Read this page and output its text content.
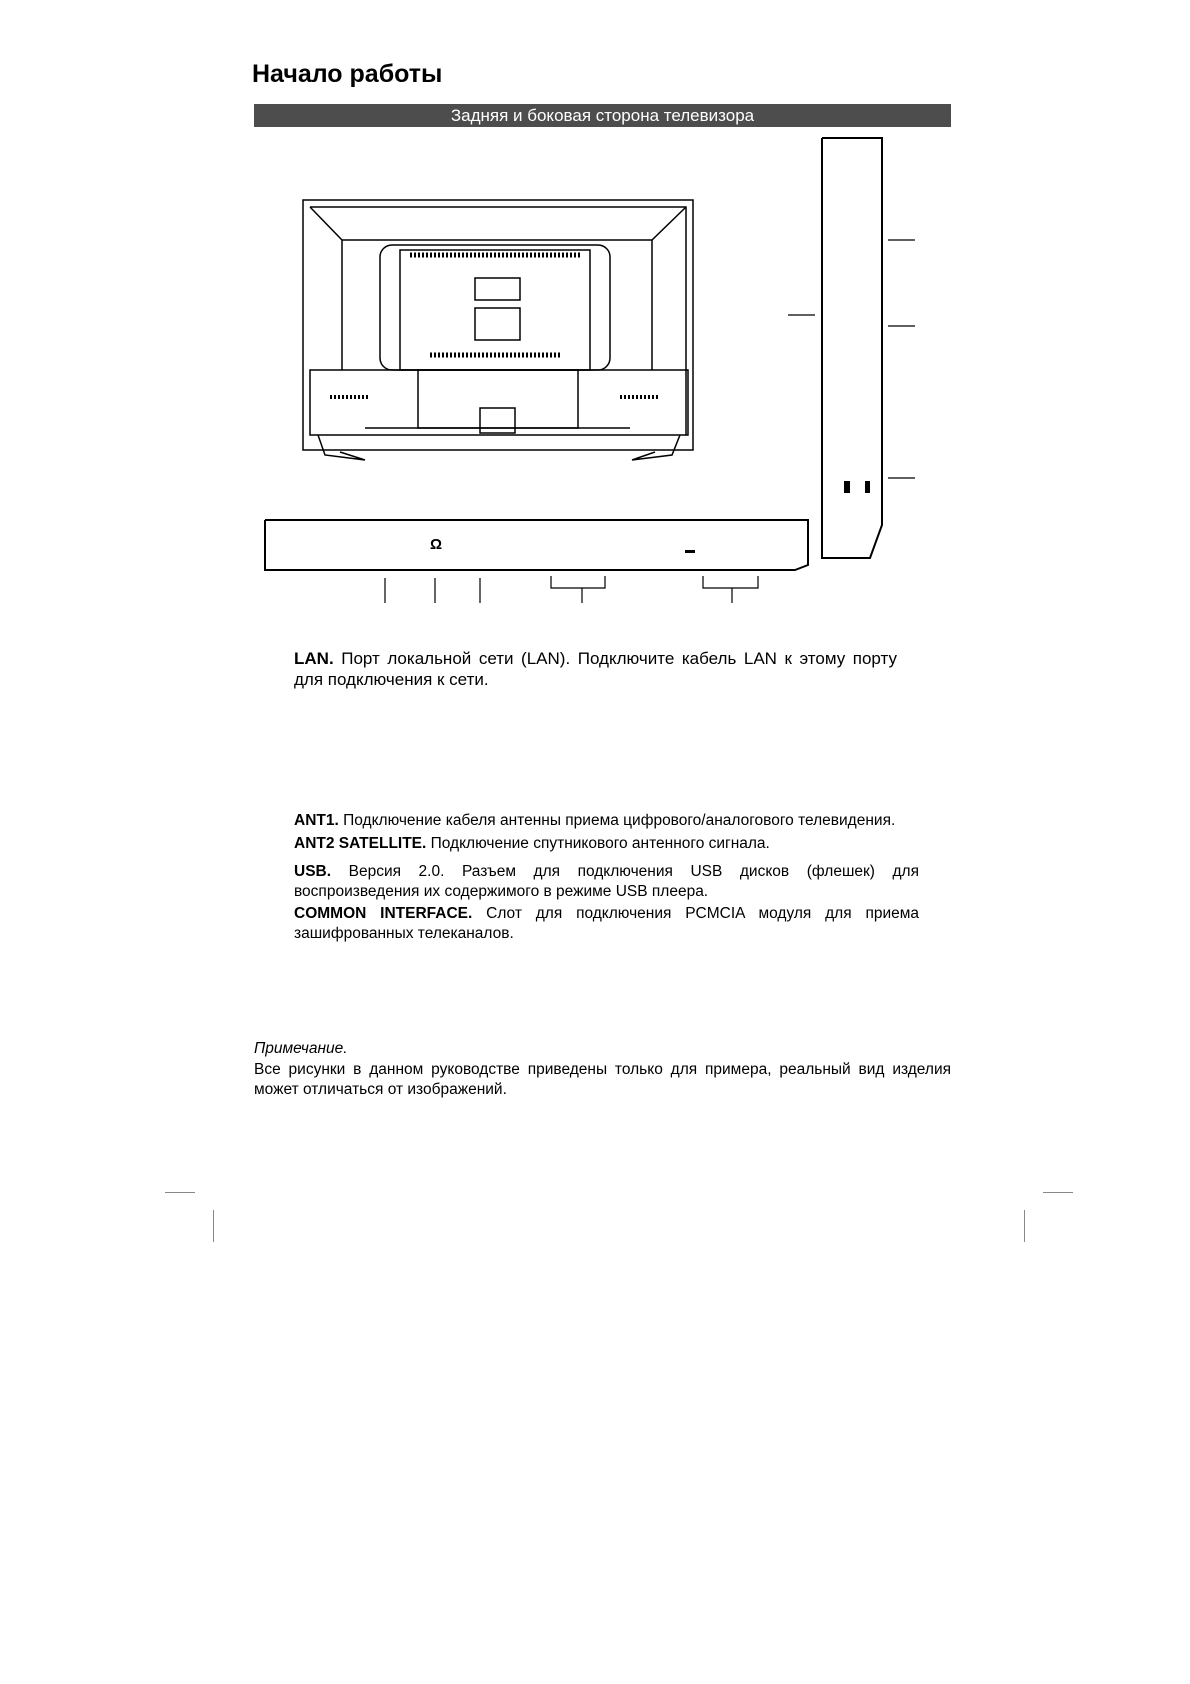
Начало работы
Задняя и боковая сторона телевизора
Ω
LAN. Порт локальной сети (LAN). Подключите кабель LAN к этому порту для подключения к сети.
ANT1. Подключение кабеля антенны приема цифрового/аналогового телевидения.
ANT2 SATELLITE. Подключение спутникового антенного сигнала.
USB. Версия 2.0. Разъем для подключения USB дисков (флешек) для воспроизведения их содержимого в режиме USB плеера.
COMMON INTERFACE. Слот для подключения PCMCIA модуля для приема зашифрованных телеканалов.
Примечание.
Все рисунки в данном руководстве приведены только для примера, реальный вид изделия может отличаться от изображений.
